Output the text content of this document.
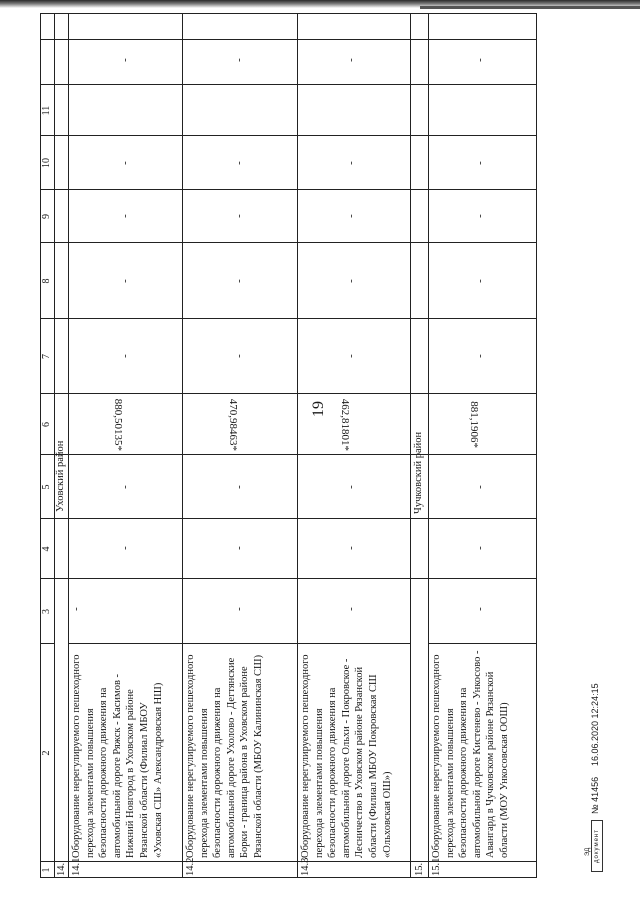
19
1
2
3
4
5
6
7
8
9
10
11
14.
Уховский район
14.1
Оборудование нерегулируемого пешеходного
перехода элементами повышения
безопасности дорожного движения на
автомобильной дороге Ряжск - Касимов -
Нижний Новгород в Уховском районе
Рязанской области (Филиал МБОУ
«Уховская СШ» Александровская НШ)
-
-
-
880,50135*
-
-
-
-
-
14.2
Оборудование нерегулируемого пешеходного
перехода элементами повышения
безопасности дорожного движения на
автомобильной дороге Ухолово - Дегтянские
Борки - граница района в Уховском районе
Рязанской области (МБОУ Калининская СШ)
-
-
-
470,98463*
-
-
-
-
-
14.3
Оборудование нерегулируемого пешеходного
перехода элементами повышения
безопасности дорожного движения на
автомобильной дороге Ольхи - Покровское -
Лесничество в Уховском районе Рязанской
области (Филиал МБОУ Покровская СШ
«Ольховская ОШ»)
-
-
-
462,81801*
-
-
-
-
-
15.
Чучковский район
15.1
Оборудование нерегулируемого пешеходного
перехода элементами повышения
безопасности дорожного движения на
автомобильной дороге Кистенево - Ункосово -
Авангард в Чучковском районе Рязанской
области (МОУ Ункосовская ООШ)
-
-
-
881,1906*
-
-
-
-
-
ЭД документ
№ 41456
16.06.2020 12:24:15
